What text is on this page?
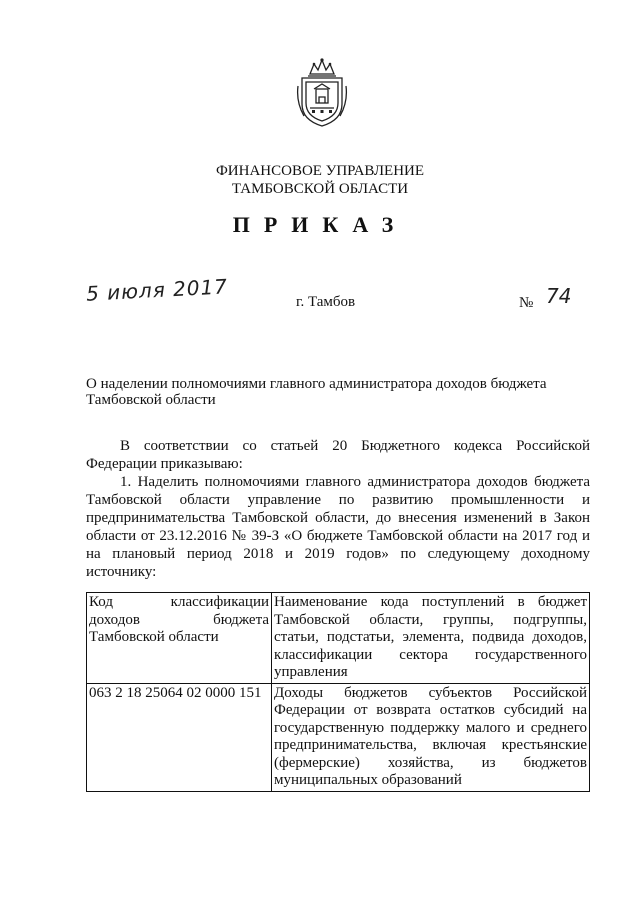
ФИНАНСОВОЕ УПРАВЛЕНИЕ
ТАМБОВСКОЙ ОБЛАСТИ
ПРИКАЗ
5 июля 2017	г. Тамбов	№ 74
О наделении полномочиями главного администратора доходов бюджета Тамбовской области

В соответствии со статьей 20 Бюджетного кодекса Российской Федерации приказываю:

1. Наделить полномочиями главного администратора доходов бюджета Тамбовской области управление по развитию промышленности и предпринимательства Тамбовской области, до внесения изменений в Закон области от 23.12.2016 № 39-З «О бюджете Тамбовской области на 2017 год и на плановый период 2018 и 2019 годов» по следующему доходному источнику:

Код классификации доходов бюджета Тамбовской области	Наименование кода поступлений в бюджет Тамбовской области, группы, подгруппы, статьи, подстатьи, элемента, подвида доходов, классификации сектора государственного управления
063 2 18 25064 02 0000 151	Доходы бюджетов субъектов Российской Федерации от возврата остатков субсидий на государственную поддержку малого и среднего предпринимательства, включая крестьянские (фермерские) хозяйства, из бюджетов муниципальных образований
